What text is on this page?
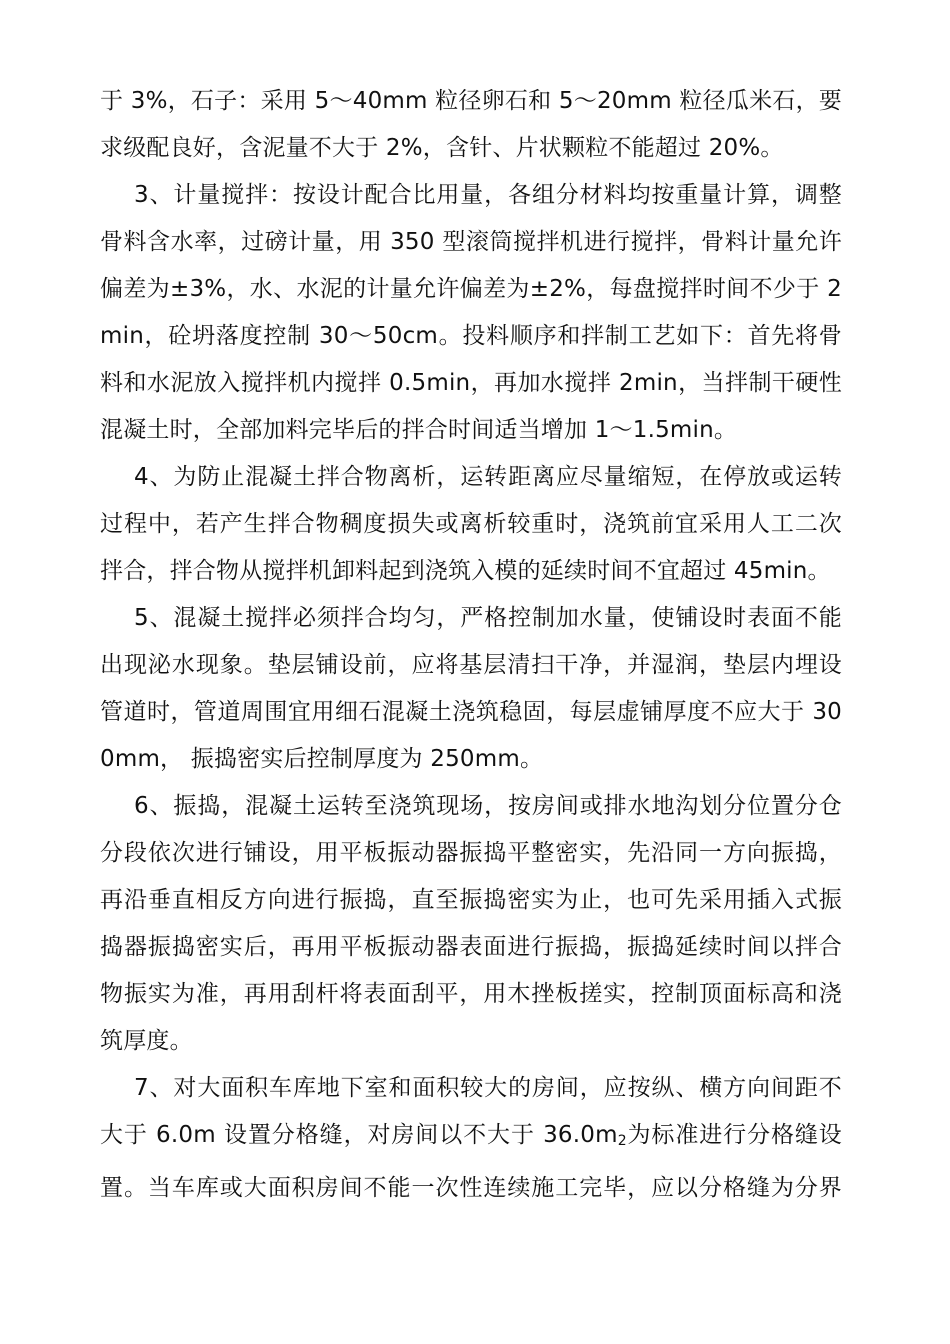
于 3%，石子：采用 5～40mm 粒径卵石和 5～20mm 粒径瓜米石，要求级配良好，含泥量不大于 2%，含针、片状颗粒不能超过 20%。

3、计量搅拌：按设计配合比用量，各组分材料均按重量计算，调整骨料含水率，过磅计量，用 350 型滚筒搅拌机进行搅拌，骨料计量允许偏差为±3%，水、水泥的计量允许偏差为±2%，每盘搅拌时间不少于 2min，砼坍落度控制 30～50cm。投料顺序和拌制工艺如下：首先将骨料和水泥放入搅拌机内搅拌 0.5min，再加水搅拌 2min，当拌制干硬性混凝土时，全部加料完毕后的拌合时间适当增加 1～1.5min。

4、为防止混凝土拌合物离析，运转距离应尽量缩短，在停放或运转过程中，若产生拌合物稠度损失或离析较重时，浇筑前宜采用人工二次拌合，拌合物从搅拌机卸料起到浇筑入模的延续时间不宜超过 45min。

5、混凝土搅拌必须拌合均匀，严格控制加水量，使铺设时表面不能出现泌水现象。垫层铺设前，应将基层清扫干净，并湿润，垫层内埋设管道时，管道周围宜用细石混凝土浇筑稳固，每层虚铺厚度不应大于 300mm， 振捣密实后控制厚度为 250mm。

6、振捣，混凝土运转至浇筑现场，按房间或排水地沟划分位置分仓分段依次进行铺设，用平板振动器振捣平整密实，先沿同一方向振捣，再沿垂直相反方向进行振捣，直至振捣密实为止，也可先采用插入式振捣器振捣密实后，再用平板振动器表面进行振捣，振捣延续时间以拌合物振实为准，再用刮杆将表面刮平，用木挫板搓实，控制顶面标高和浇筑厚度。

7、对大面积车库地下室和面积较大的房间，应按纵、横方向间距不大于 6.0m 设置分格缝，对房间以不大于 $36.0m_2$为标准进行分格缝设置。当车库或大面积房间不能一次性连续施工完毕，应以分格缝为分界
